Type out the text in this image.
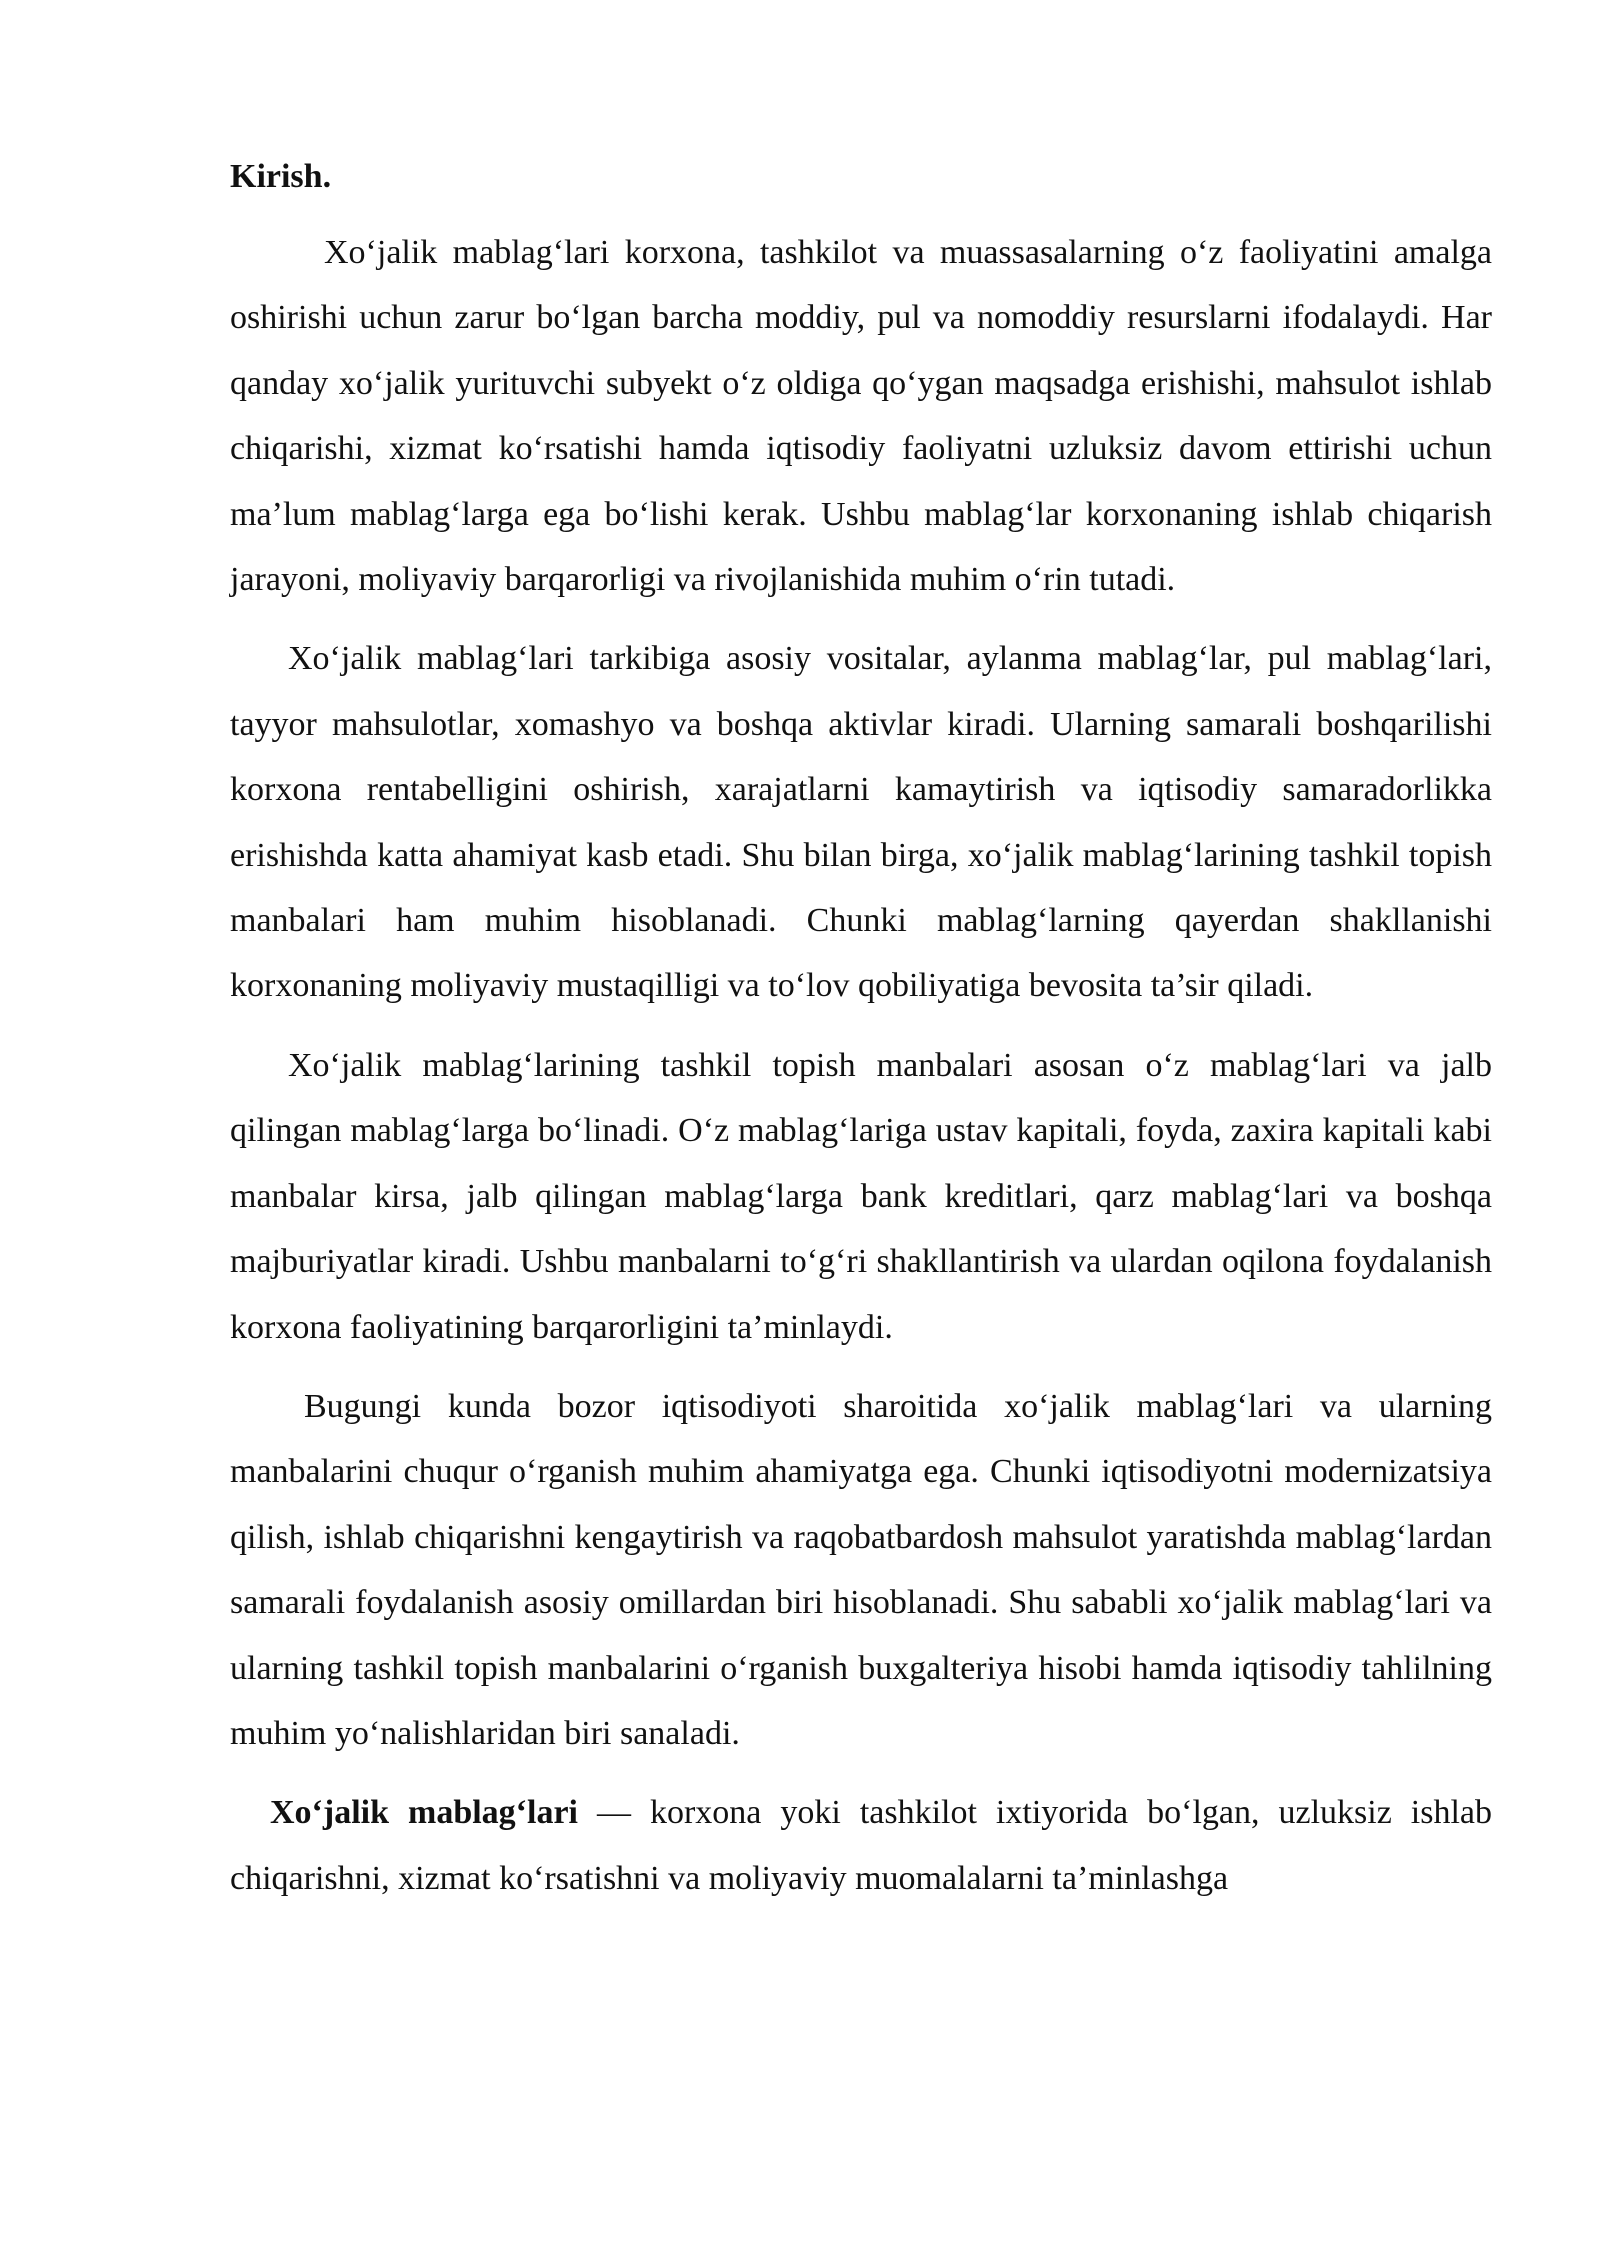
Kirish.

Xo‘jalik mablag‘lari korxona, tashkilot va muassasalarning o‘z faoliyatini amalga oshirishi uchun zarur bo‘lgan barcha moddiy, pul va nomoddiy resurslarni ifodalaydi. Har qanday xo‘jalik yurituvchi subyekt o‘z oldiga qo‘ygan maqsadga erishishi, mahsulot ishlab chiqarishi, xizmat ko‘rsatishi hamda iqtisodiy faoliyatni uzluksiz davom ettirishi uchun ma’lum mablag‘larga ega bo‘lishi kerak. Ushbu mablag‘lar korxonaning ishlab chiqarish jarayoni, moliyaviy barqarorligi va rivojlanishida muhim o‘rin tutadi.

Xo‘jalik mablag‘lari tarkibiga asosiy vositalar, aylanma mablag‘lar, pul mablag‘lari, tayyor mahsulotlar, xomashyo va boshqa aktivlar kiradi. Ularning samarali boshqarilishi korxona rentabelligini oshirish, xarajatlarni kamaytirish va iqtisodiy samaradorlikka erishishda katta ahamiyat kasb etadi. Shu bilan birga, xo‘jalik mablag‘larining tashkil topish manbalari ham muhim hisoblanadi. Chunki mablag‘larning qayerdan shakllanishi korxonaning moliyaviy mustaqilligi va to‘lov qobiliyatiga bevosita ta’sir qiladi.

Xo‘jalik mablag‘larining tashkil topish manbalari asosan o‘z mablag‘lari va jalb qilingan mablag‘larga bo‘linadi. O‘z mablag‘lariga ustav kapitali, foyda, zaxira kapitali kabi manbalar kirsa, jalb qilingan mablag‘larga bank kreditlari, qarz mablag‘lari va boshqa majburiyatlar kiradi. Ushbu manbalarni to‘g‘ri shakllantirish va ulardan oqilona foydalanish korxona faoliyatining barqarorligini ta’minlaydi.

Bugungi kunda bozor iqtisodiyoti sharoitida xo‘jalik mablag‘lari va ularning manbalarini chuqur o‘rganish muhim ahamiyatga ega. Chunki iqtisodiyotni modernizatsiya qilish, ishlab chiqarishni kengaytirish va raqobatbardosh mahsulot yaratishda mablag‘lardan samarali foydalanish asosiy omillardan biri hisoblanadi. Shu sababli xo‘jalik mablag‘lari va ularning tashkil topish manbalarini o‘rganish buxgalteriya hisobi hamda iqtisodiy tahlilning muhim yo‘nalishlaridan biri sanaladi.

Xo‘jalik mablag‘lari — korxona yoki tashkilot ixtiyorida bo‘lgan, uzluksiz ishlab chiqarishni, xizmat ko‘rsatishni va moliyaviy muomalalarni ta’minlashga
